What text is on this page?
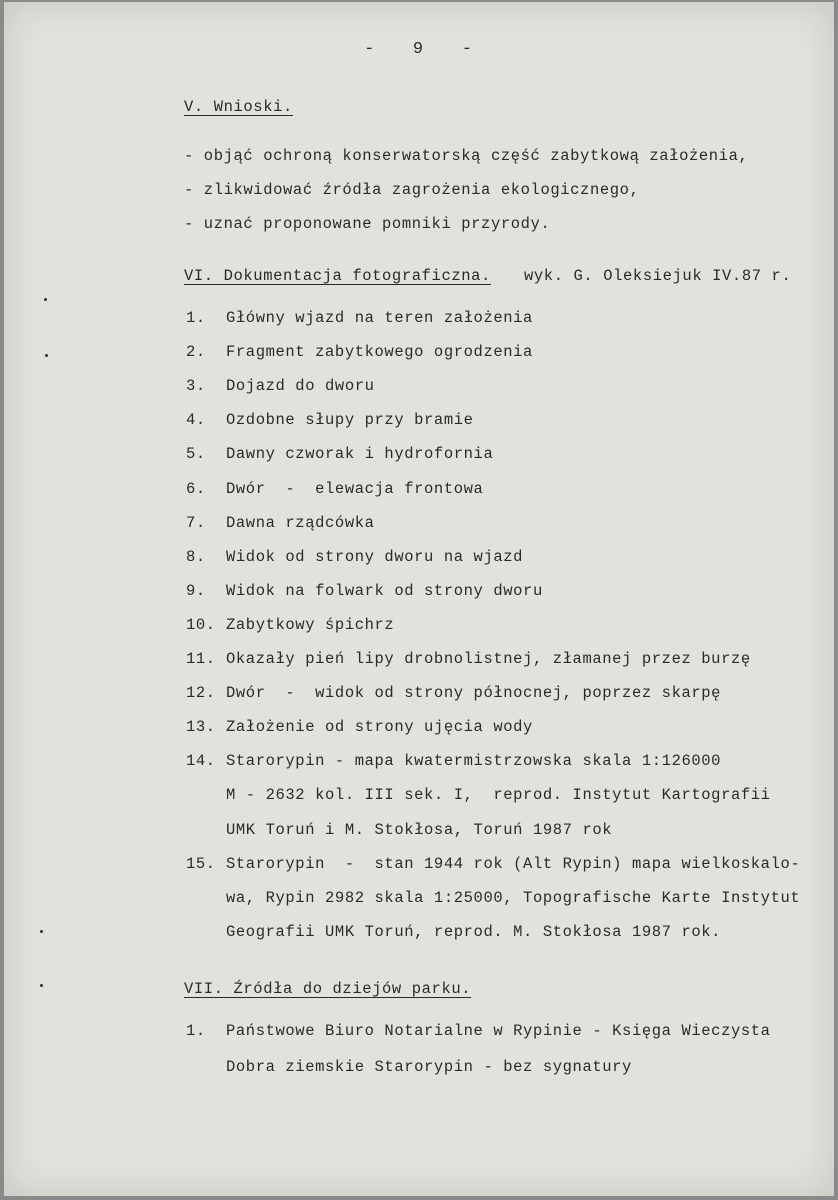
-   9   -
V. Wnioski.
- objąć ochroną konserwatorską część zabytkową założenia,
- zlikwidować źródła zagrożenia ekologicznego,
- uznać proponowane pomniki przyrody.
VI. Dokumentacja fotograficzna. wyk. G. Oleksiejuk IV.87 r.
1.	Główny wjazd na teren założenia
2.	Fragment zabytkowego ogrodzenia
3.	Dojazd do dworu
4.	Ozdobne słupy przy bramie
5.	Dawny czworak i hydrofornia
6.	Dwór  -  elewacja frontowa
7.	Dawna rządcówka
8.	Widok od strony dworu na wjazd
9.	Widok na folwark od strony dworu
10. Zabytkowy śpichrz
11. Okazały pień lipy drobnolistnej, złamanej przez burzę
12. Dwór  -  widok od strony północnej, poprzez skarpę
13. Założenie od strony ujęcia wody
14. Starorypin - mapa kwatermistrzowska skala 1:126000
M - 2632 kol. III sek. I,  reprod. Instytut Kartografii
UMK Toruń i M. Stokłosa, Toruń 1987 rok
15. Starorypin  -  stan 1944 rok (Alt Rypin) mapa wielkoskalo-
wa, Rypin 2982 skala 1:25000, Topografische Karte Instytut
Geografii UMK Toruń, reprod. M. Stokłosa 1987 rok.
VII. Źródła do dziejów parku.
1.	Państwowe Biuro Notarialne w Rypinie - Księga Wieczysta
Dobra ziemskie Starorypin - bez sygnatury
